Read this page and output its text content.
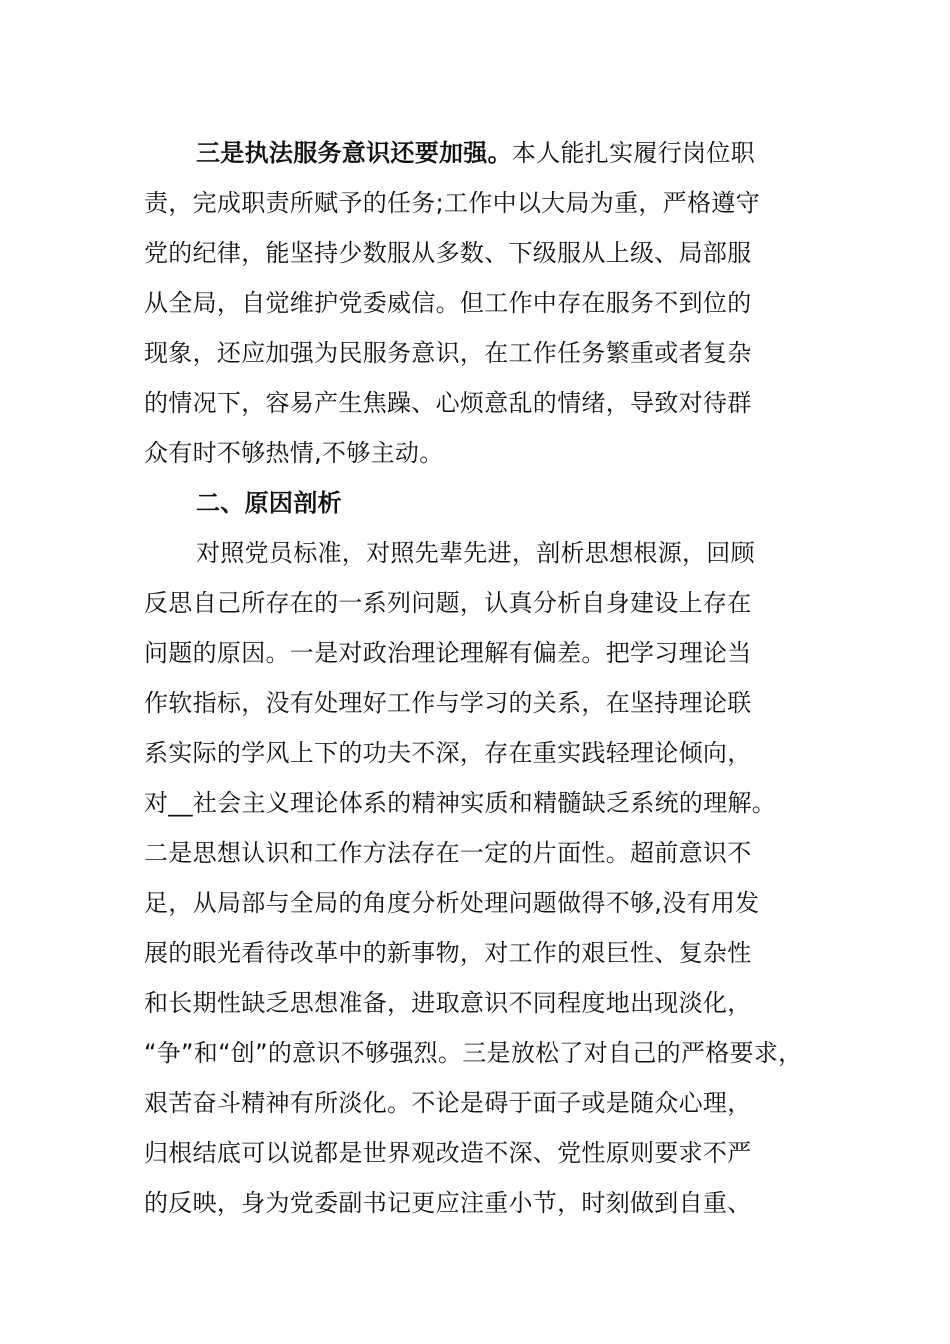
三是执法服务意识还要加强。本人能扎实履行岗位职
责，完成职责所赋予的任务;工作中以大局为重，严格遵守
党的纪律，能坚持少数服从多数、下级服从上级、局部服
从全局，自觉维护党委威信。但工作中存在服务不到位的
现象，还应加强为民服务意识，在工作任务繁重或者复杂
的情况下，容易产生焦躁、心烦意乱的情绪，导致对待群
众有时不够热情,不够主动。
二、原因剖析
对照党员标准，对照先辈先进，剖析思想根源，回顾
反思自己所存在的一系列问题，认真分析自身建设上存在
问题的原因。一是对政治理论理解有偏差。把学习理论当
作软指标，没有处理好工作与学习的关系，在坚持理论联
系实际的学风上下的功夫不深，存在重实践轻理论倾向，
对__社会主义理论体系的精神实质和精髓缺乏系统的理解。
二是思想认识和工作方法存在一定的片面性。超前意识不
足，从局部与全局的角度分析处理问题做得不够,没有用发
展的眼光看待改革中的新事物，对工作的艰巨性、复杂性
和长期性缺乏思想准备，进取意识不同程度地出现淡化，
“争”和“创”的意识不够强烈。三是放松了对自己的严格要求，
艰苦奋斗精神有所淡化。不论是碍于面子或是随众心理，
归根结底可以说都是世界观改造不深、党性原则要求不严
的反映，身为党委副书记更应注重小节，时刻做到自重、
